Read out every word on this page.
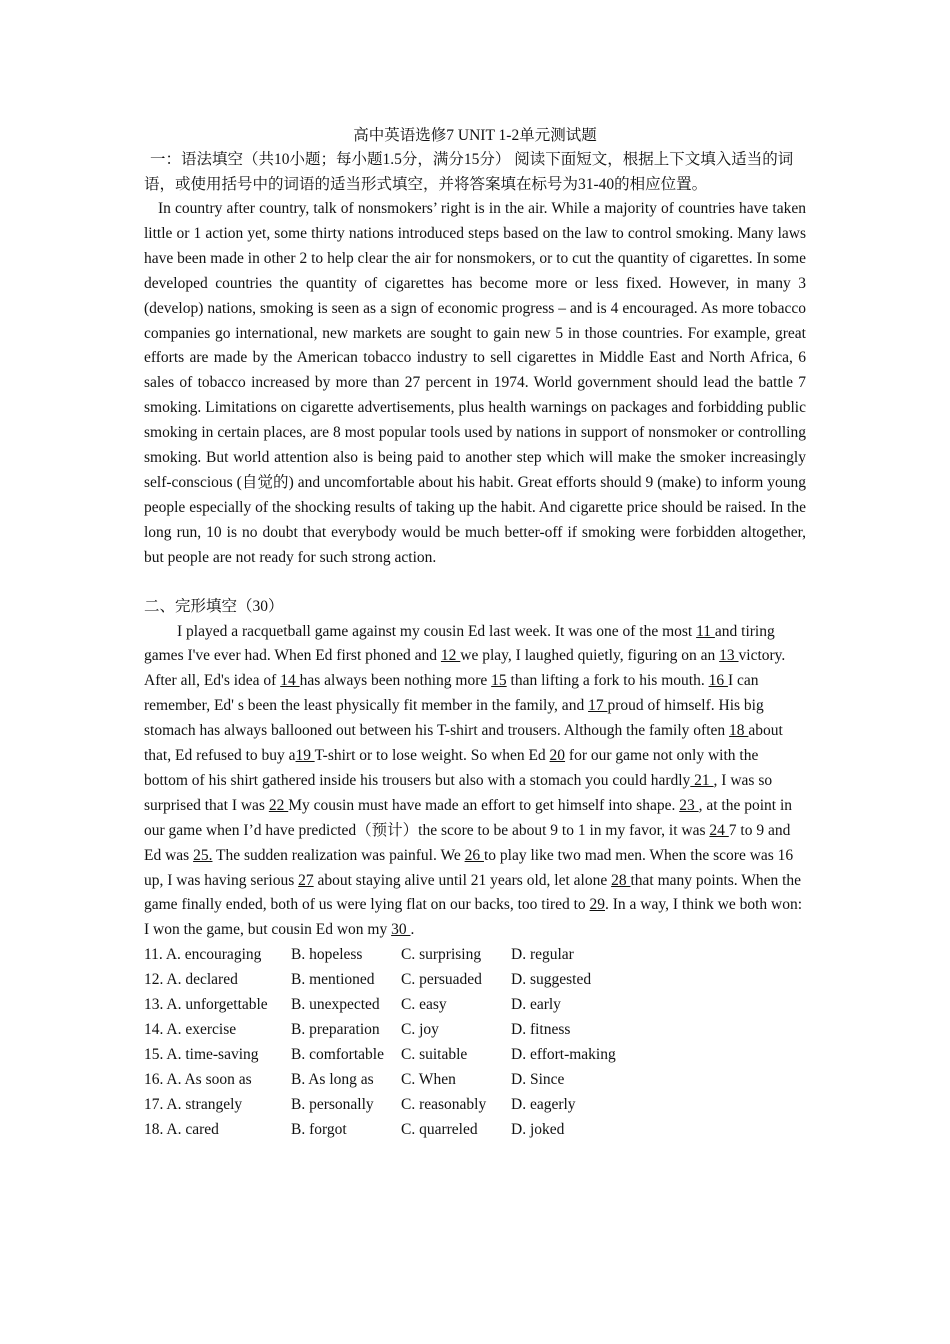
高中英语选修7 UNIT 1-2单元测试题

一：语法填空（共10小题；每小题1.5分，满分15分） 阅读下面短文，根据上下文填入适当的词语，或使用括号中的词语的适当形式填空，并将答案填在标号为31-40的相应位置。

In country after country, talk of nonsmokers’ right is in the air. While a majority of countries have taken little or 1 action yet, some thirty nations introduced steps based on the law to control smoking. Many laws have been made in other 2 to help clear the air for nonsmokers, or to cut the quantity of cigarettes. In some developed countries the quantity of cigarettes has become more or less fixed. However, in many 3 (develop) nations, smoking is seen as a sign of economic progress – and is 4 encouraged. As more tobacco companies go international, new markets are sought to gain new 5 in those countries. For example, great efforts are made by the American tobacco industry to sell cigarettes in Middle East and North Africa, 6 sales of tobacco increased by more than 27 percent in 1974. World government should lead the battle 7 smoking. Limitations on cigarette advertisements, plus health warnings on packages and forbidding public smoking in certain places, are 8 most popular tools used by nations in support of nonsmoker or controlling smoking. But world attention also is being paid to another step which will make the smoker increasingly self-conscious (自觉的) and uncomfortable about his habit. Great efforts should 9 (make) to inform young people especially of the shocking results of taking up the habit. And cigarette price should be raised. In the long run, 10 is no doubt that everybody would be much better-off if smoking were forbidden altogether, but people are not ready for such strong action.

二、完形填空（30）

I played a racquetball game against my cousin Ed last week. It was one of the most 11 and tiring games I've ever had. When Ed first phoned and 12 we play, I laughed quietly, figuring on an 13 victory. After all, Ed's idea of 14 has always been nothing more 15 than lifting a fork to his mouth. 16 I can remember, Ed' s been the least physically fit member in the family, and 17 proud of himself. His big stomach has always ballooned out between his T-shirt and trousers. Although the family often 18 about that, Ed refused to buy a19 T-shirt or to lose weight. So when Ed 20 for our game not only with the bottom of his shirt gathered inside his trousers but also with a stomach you could hardly 21 , I was so surprised that I was 22 My cousin must have made an effort to get himself into shape. 23 , at the point in our game when I’d have predicted（预计）the score to be about 9 to 1 in my favor, it was 24 7 to 9 and Ed was 25. The sudden realization was painful. We 26 to play like two mad men. When the score was 16 up, I was having serious 27 about staying alive until 21 years old, let alone 28 that many points. When the game finally ended, both of us were lying flat on our backs, too tired to 29. In a way, I think we both won: I won the game, but cousin Ed won my 30 .

11. A. encouraging	B. hopeless	C. surprising	D. regular
12. A. declared	B. mentioned	C. persuaded	D. suggested
13. A. unforgettable	B. unexpected	C. easy	D. early
14. A. exercise	B. preparation	C. joy	D. fitness
15. A. time-saving	B. comfortable	C. suitable	D. effort-making
16. A. As soon as	B. As long as	C. When	D. Since
17. A. strangely	B. personally	C. reasonably	D. eagerly
18. A. cared	B. forgot	C. quarreled	D. joked
